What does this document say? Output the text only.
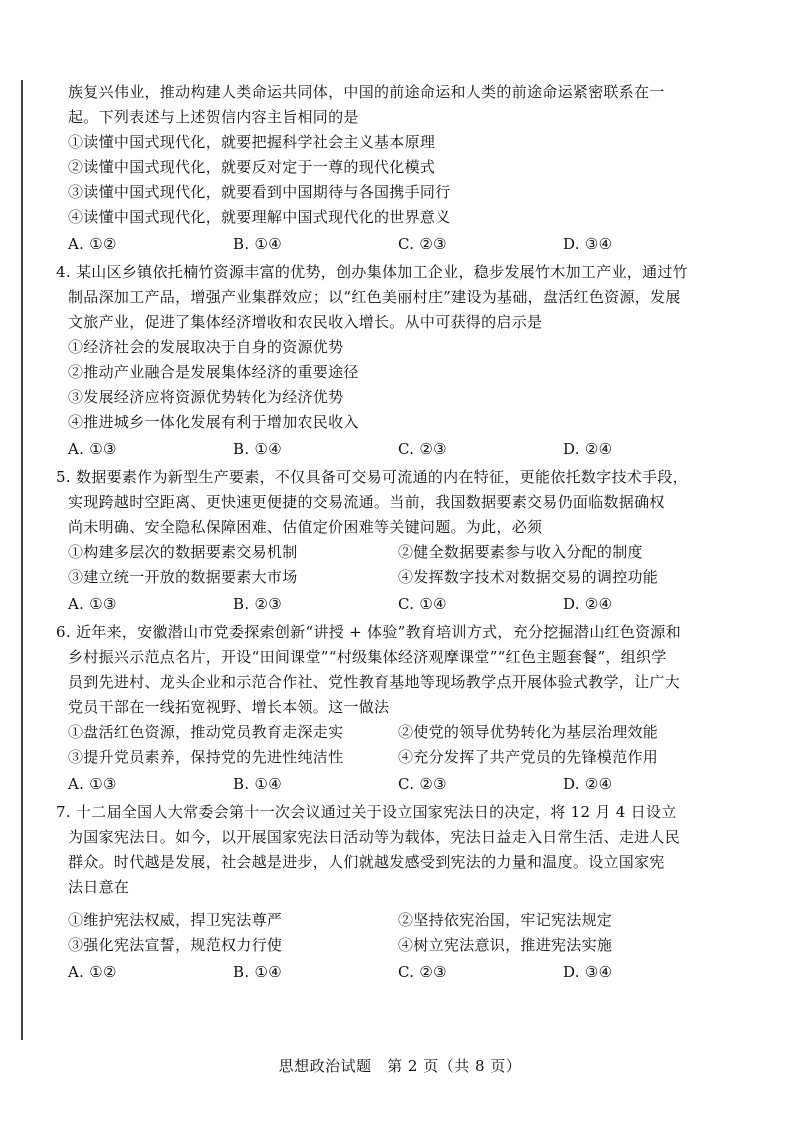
族复兴伟业，推动构建人类命运共同体，中国的前途命运和人类的前途命运紧密联系在一
起。下列表述与上述贺信内容主旨相同的是
①读懂中国式现代化，就要把握科学社会主义基本原理
②读懂中国式现代化，就要反对定于一尊的现代化模式
③读懂中国式现代化，就要看到中国期待与各国携手同行
④读懂中国式现代化，就要理解中国式现代化的世界意义
A. ①②	B. ①④	C. ②③	D. ③④
4. 某山区乡镇依托楠竹资源丰富的优势，创办集体加工企业，稳步发展竹木加工产业，通过竹
制品深加工产品，增强产业集群效应；以“红色美丽村庄”建设为基础，盘活红色资源，发展
文旅产业，促进了集体经济增收和农民收入增长。从中可获得的启示是
①经济社会的发展取决于自身的资源优势
②推动产业融合是发展集体经济的重要途径
③发展经济应将资源优势转化为经济优势
④推进城乡一体化发展有利于增加农民收入
A. ①③	B. ①④	C. ②③	D. ②④
5. 数据要素作为新型生产要素，不仅具备可交易可流通的内在特征，更能依托数字技术手段，
实现跨越时空距离、更快速更便捷的交易流通。当前，我国数据要素交易仍面临数据确权
尚未明确、安全隐私保障困难、估值定价困难等关键问题。为此，必须
①构建多层次的数据要素交易机制	②健全数据要素参与收入分配的制度
③建立统一开放的数据要素大市场	④发挥数字技术对数据交易的调控功能
A. ①③	B. ②③	C. ①④	D. ②④
6. 近年来，安徽潜山市党委探索创新“讲授 + 体验”教育培训方式，充分挖掘潜山红色资源和
乡村振兴示范点名片，开设“田间课堂”“村级集体经济观摩课堂”“红色主题套餐”，组织学
员到先进村、龙头企业和示范合作社、党性教育基地等现场教学点开展体验式教学，让广大
党员干部在一线拓宽视野、增长本领。这一做法
①盘活红色资源，推动党员教育走深走实	②使党的领导优势转化为基层治理效能
③提升党员素养，保持党的先进性纯洁性	④充分发挥了共产党员的先锋模范作用
A. ①③	B. ①④	C. ②③	D. ②④
7. 十二届全国人大常委会第十一次会议通过关于设立国家宪法日的决定，将 12 月 4 日设立
为国家宪法日。如今，以开展国家宪法日活动等为载体，宪法日益走入日常生活、走进人民
群众。时代越是发展，社会越是进步，人们就越发感受到宪法的力量和温度。设立国家宪
法日意在
①维护宪法权威，捍卫宪法尊严	②坚持依宪治国，牢记宪法规定
③强化宪法宣誓，规范权力行使	④树立宪法意识，推进宪法实施
A. ①②	B. ①④	C. ②③	D. ③④
思想政治试题　第 2 页（共 8 页）
